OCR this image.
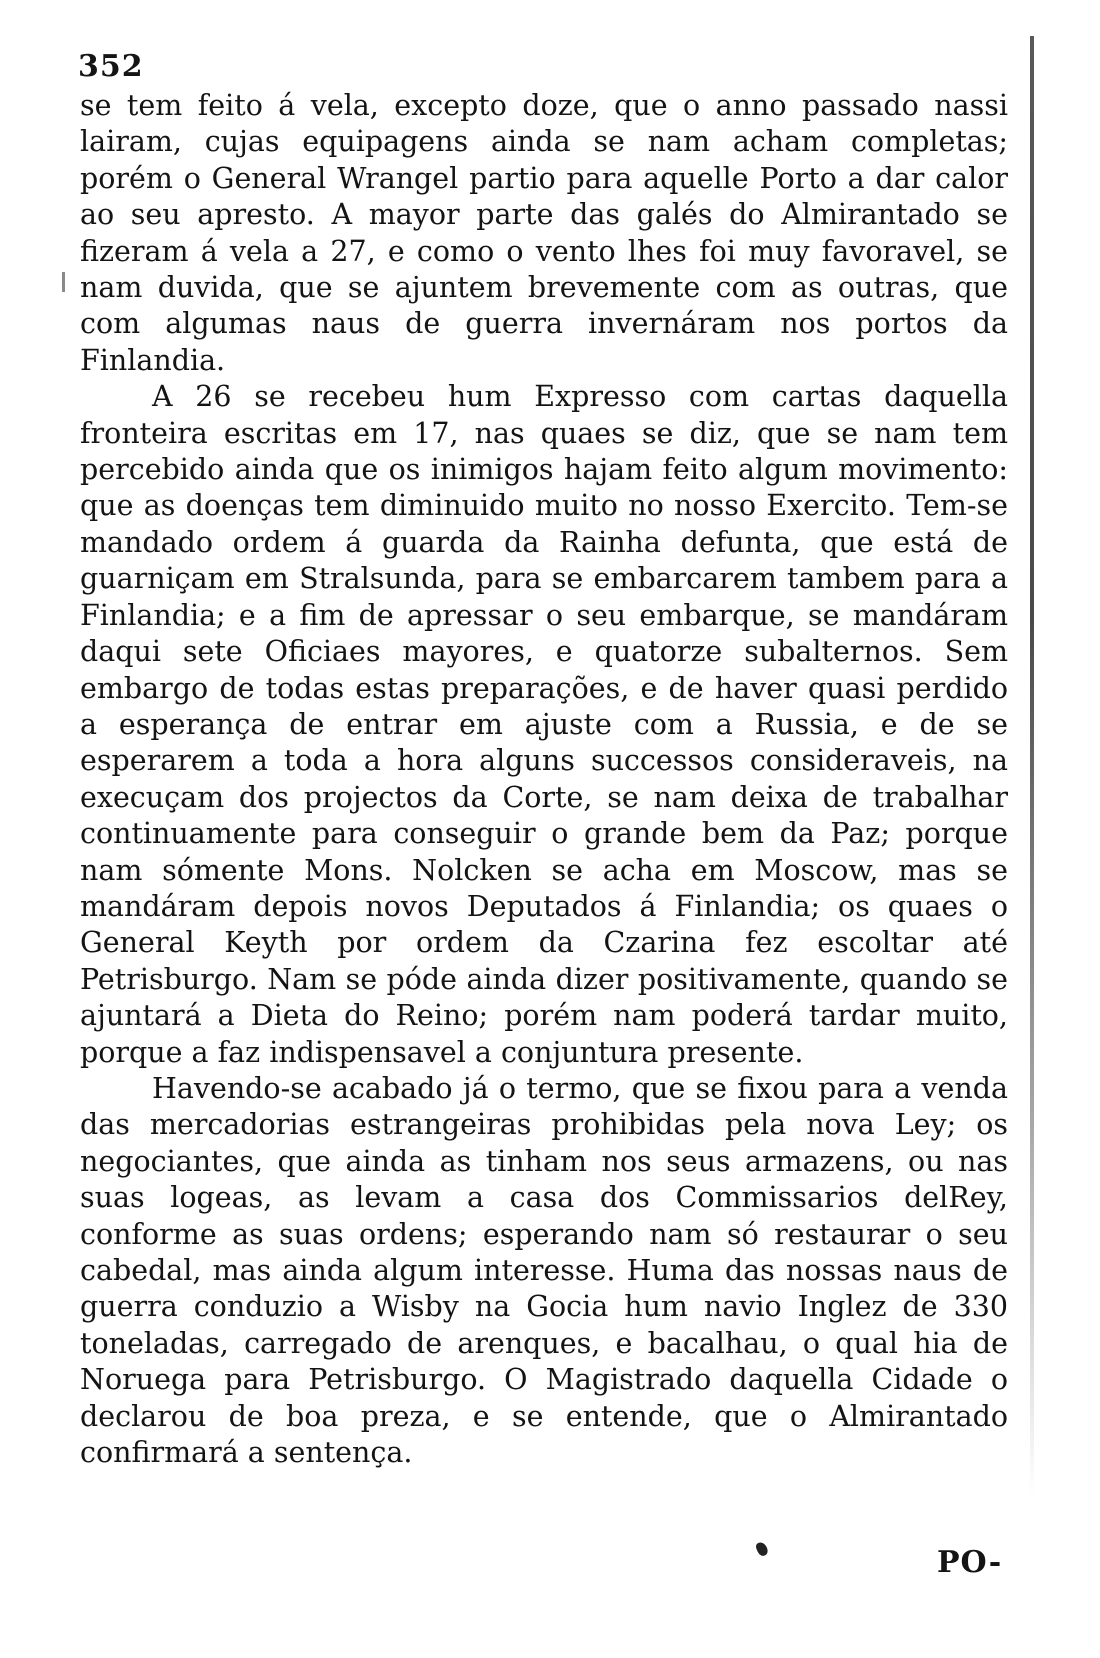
352

se tem feito á vela, excepto doze, que o anno passado nassi lairam, cujas equipagens ainda se nam acham completas; porém o General Wrangel partio para aquelle Porto a dar calor ao seu apresto. A mayor parte das galés do Almirantado se fizeram á vela a 27, e como o vento lhes foi muy favoravel, se nam duvida, que se ajuntem brevemente com as outras, que com algumas naus de guerra invernáram nos portos da Finlandia.

A 26 se recebeu hum Expresso com cartas daquella fronteira escritas em 17, nas quaes se diz, que se nam tem percebido ainda que os inimigos hajam feito algum movimento: que as doenças tem diminuido muito no nosso Exercito. Tem-se mandado ordem á guarda da Rainha defunta, que está de guarniçam em Stralsunda, para se embarcarem tambem para a Finlandia; e a fim de apressar o seu embarque, se mandáram daqui sete Oficiaes mayores, e quatorze subalternos. Sem embargo de todas estas preparações, e de haver quasi perdido a esperança de entrar em ajuste com a Russia, e de se esperarem a toda a hora alguns successos consideraveis, na execuçam dos projectos da Corte, se nam deixa de trabalhar continuamente para conseguir o grande bem da Paz; porque nam sómente Mons. Nolcken se acha em Moscow, mas se mandáram depois novos Deputados á Finlandia; os quaes o General Keyth por ordem da Czarina fez escoltar até Petrisburgo. Nam se póde ainda dizer positivamente, quando se ajuntará a Dieta do Reino; porém nam poderá tardar muito, porque a faz indispensavel a conjuntura presente.

Havendo-se acabado já o termo, que se fixou para a venda das mercadorias estrangeiras prohibidas pela nova Ley; os negociantes, que ainda as tinham nos seus armazens, ou nas suas logeas, as levam a casa dos Commissarios delRey, conforme as suas ordens; esperando nam só restaurar o seu cabedal, mas ainda algum interesse. Huma das nossas naus de guerra conduzio a Wisby na Gocia hum navio Inglez de 330 toneladas, carregado de arenques, e bacalhau, o qual hia de Noruega para Petrisburgo. O Magistrado daquella Cidade o declarou de boa preza, e se entende, que o Almirantado confirmará a sentença.

PO-
